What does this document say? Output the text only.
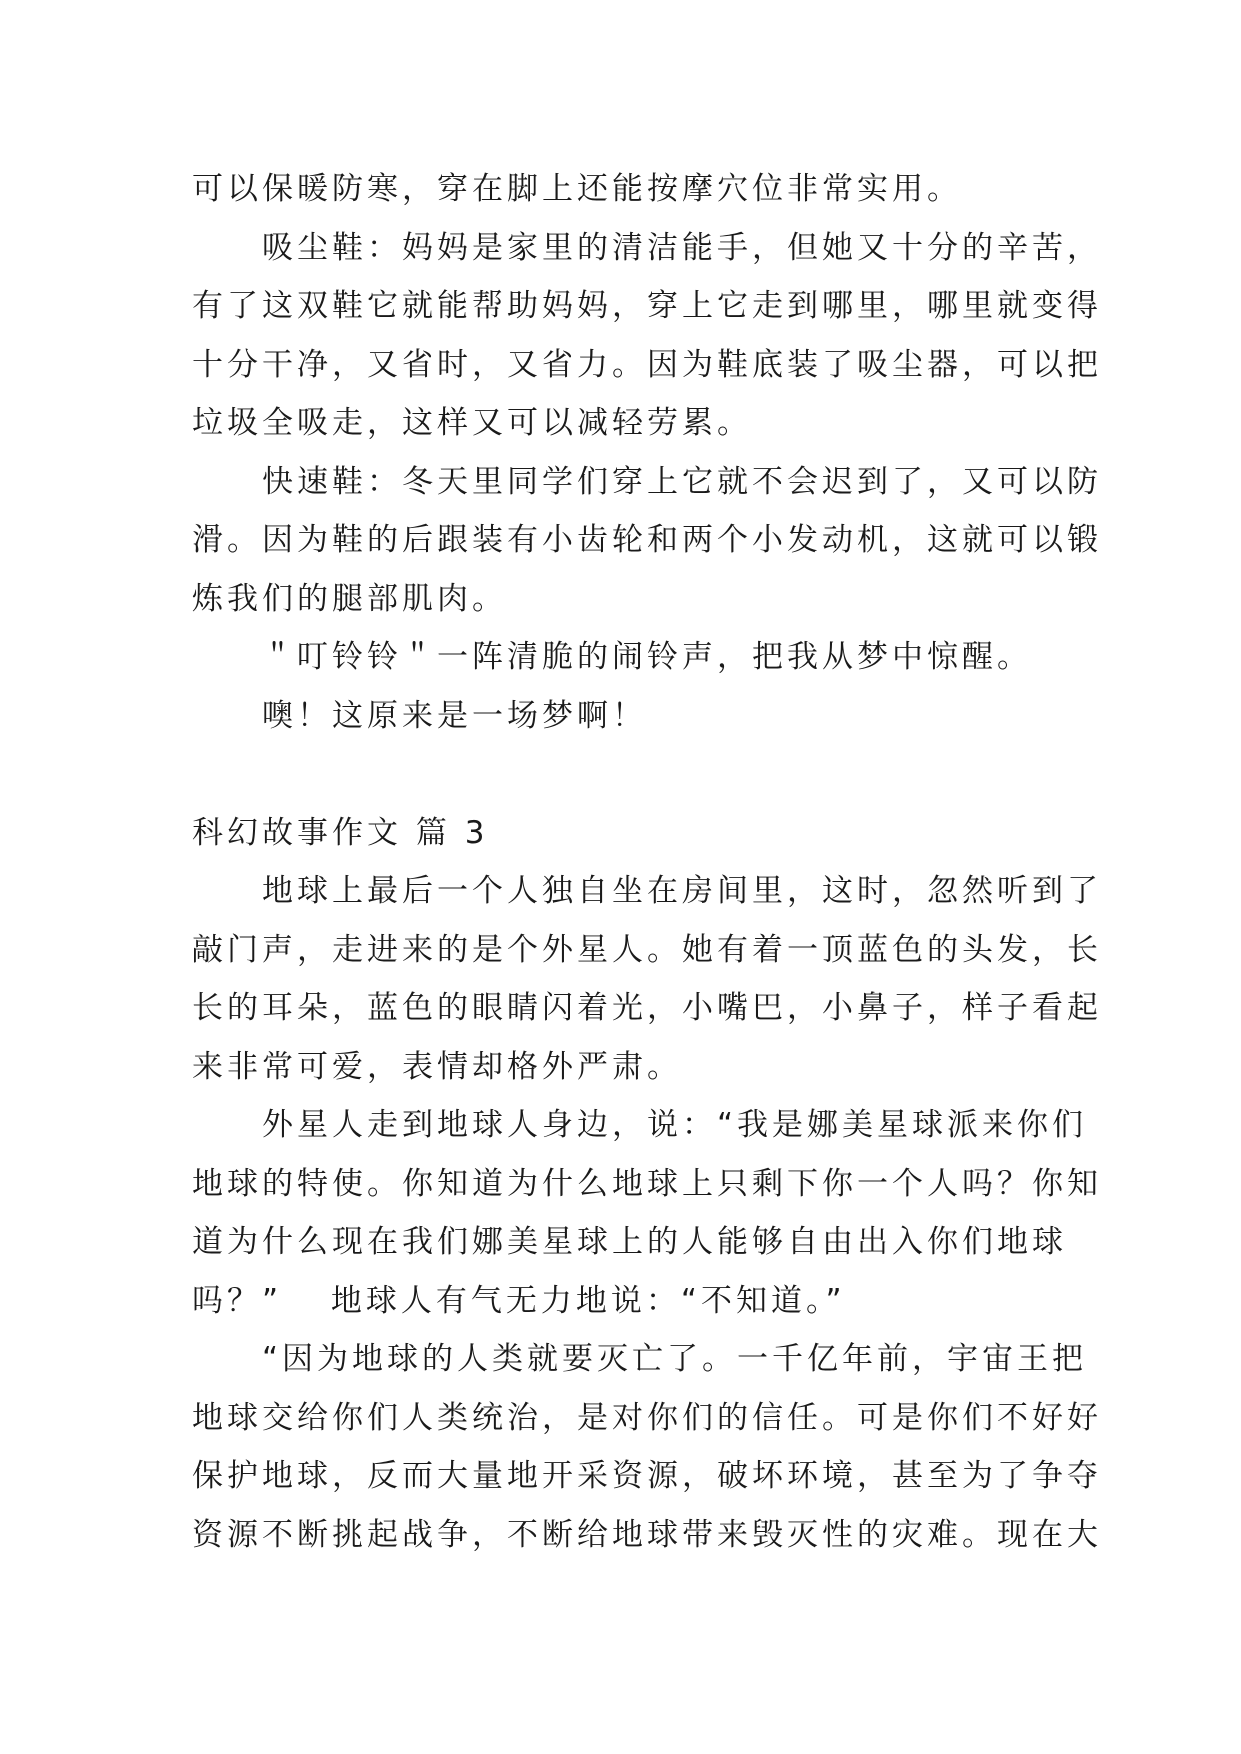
可以保暖防寒，穿在脚上还能按摩穴位非常实用。
　　吸尘鞋：妈妈是家里的清洁能手，但她又十分的辛苦，
有了这双鞋它就能帮助妈妈，穿上它走到哪里，哪里就变得
十分干净，又省时，又省力。因为鞋底装了吸尘器，可以把
垃圾全吸走，这样又可以减轻劳累。
　　快速鞋：冬天里同学们穿上它就不会迟到了，又可以防
滑。因为鞋的后跟装有小齿轮和两个小发动机，这就可以锻
炼我们的腿部肌肉。
　　＂叮铃铃＂一阵清脆的闹铃声，把我从梦中惊醒。
　　噢！这原来是一场梦啊！
科幻故事作文 篇 3
　　地球上最后一个人独自坐在房间里，这时，忽然听到了
敲门声，走进来的是个外星人。她有着一顶蓝色的头发，长
长的耳朵，蓝色的眼睛闪着光，小嘴巴，小鼻子，样子看起
来非常可爱，表情却格外严肃。
　　外星人走到地球人身边，说：“我是娜美星球派来你们
地球的特使。你知道为什么地球上只剩下你一个人吗？你知
道为什么现在我们娜美星球上的人能够自由出入你们地球
吗？”　 地球人有气无力地说：“不知道。”
　　“因为地球的人类就要灭亡了。一千亿年前，宇宙王把
地球交给你们人类统治，是对你们的信任。可是你们不好好
保护地球，反而大量地开采资源，破坏环境，甚至为了争夺
资源不断挑起战争，不断给地球带来毁灭性的灾难。现在大
